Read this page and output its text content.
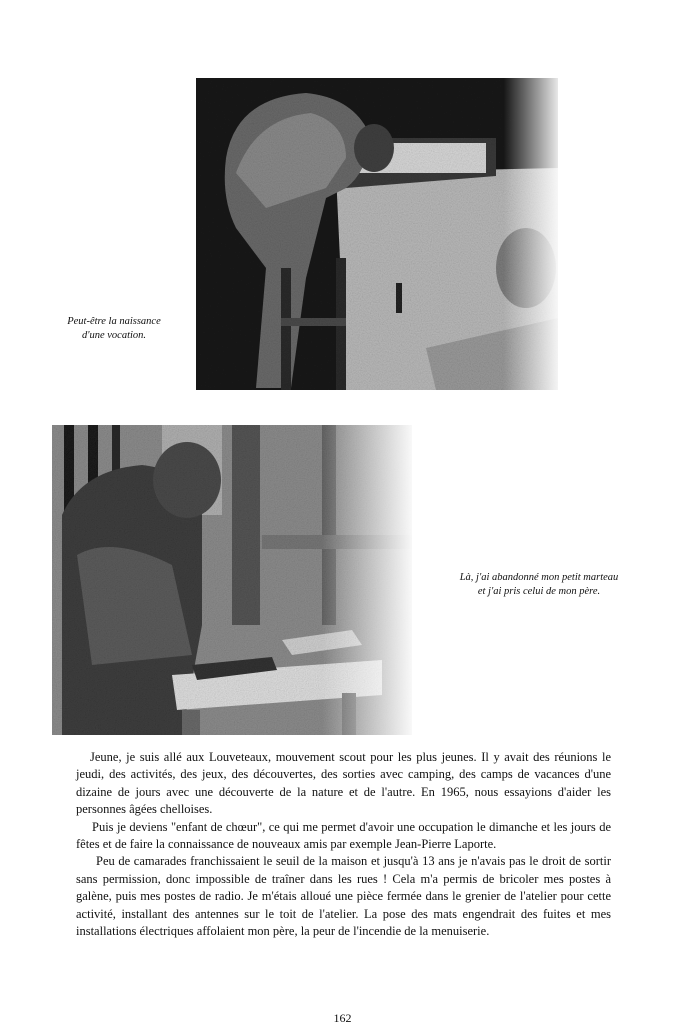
Peut-être la naissance d'une vocation.
Là, j'ai abandonné mon petit marteau et j'ai pris celui de mon père.

Jeune, je suis allé aux Louveteaux, mouvement scout pour les plus jeunes. Il y avait des réunions le jeudi, des activités, des jeux, des découvertes, des sorties avec camping, des camps de vacances d'une dizaine de jours avec une découverte de la nature et de l'autre. En 1965, nous essayions d'aider les personnes âgées chelloises.

Puis je deviens "enfant de chœur", ce qui me permet d'avoir une occupation le dimanche et les jours de fêtes et de faire la connaissance de nouveaux amis par exemple Jean-Pierre Laporte.

Peu de camarades franchissaient le seuil de la maison et jusqu'à 13 ans je n'avais pas le droit de sortir sans permission, donc impossible de traîner dans les rues ! Cela m'a permis de bricoler mes postes à galène, puis mes postes de radio. Je m'étais alloué une pièce fermée dans le grenier de l'atelier pour cette activité, installant des antennes sur le toit de l'atelier. La pose des mats engendrait des fuites et mes installations électriques affolaient mon père, la peur de l'incendie de la menuiserie.

162
